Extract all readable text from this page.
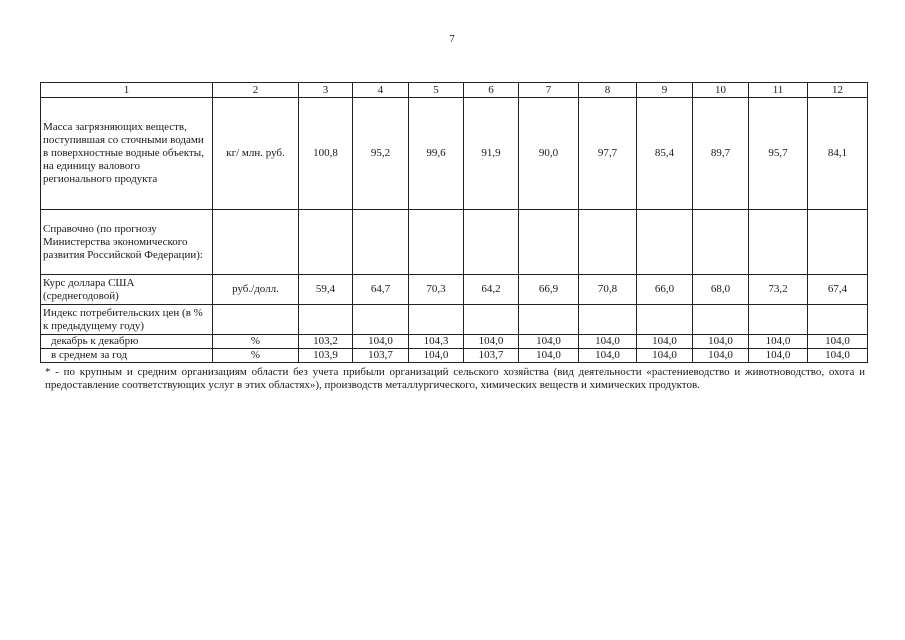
7
1	2	3	4	5	6	7	8	9	10	11	12
Масса загрязняющих веществ, поступившая со сточными водами в поверхностные водные объекты, на единицу валового регионального продукта	кг/ млн. руб.	100,8	95,2	99,6	91,9	90,0	97,7	85,4	89,7	95,7	84,1
Справочно (по прогнозу Министерства экономического развития Российской Федерации):											
Курс доллара США (среднегодовой)	руб./долл.	59,4	64,7	70,3	64,2	66,9	70,8	66,0	68,0	73,2	67,4
Индекс потребительских цен (в % к предыдущему году)											
декабрь к декабрю	%	103,2	104,0	104,3	104,0	104,0	104,0	104,0	104,0	104,0	104,0
в среднем за год	%	103,9	103,7	104,0	103,7	104,0	104,0	104,0	104,0	104,0	104,0
* - по крупным и средним организациям области без учета прибыли организаций сельского хозяйства (вид деятельности «растениеводство и животноводство, охота и предоставление соответствующих услуг в этих областях»), производств металлургического, химических веществ и химических продуктов.
